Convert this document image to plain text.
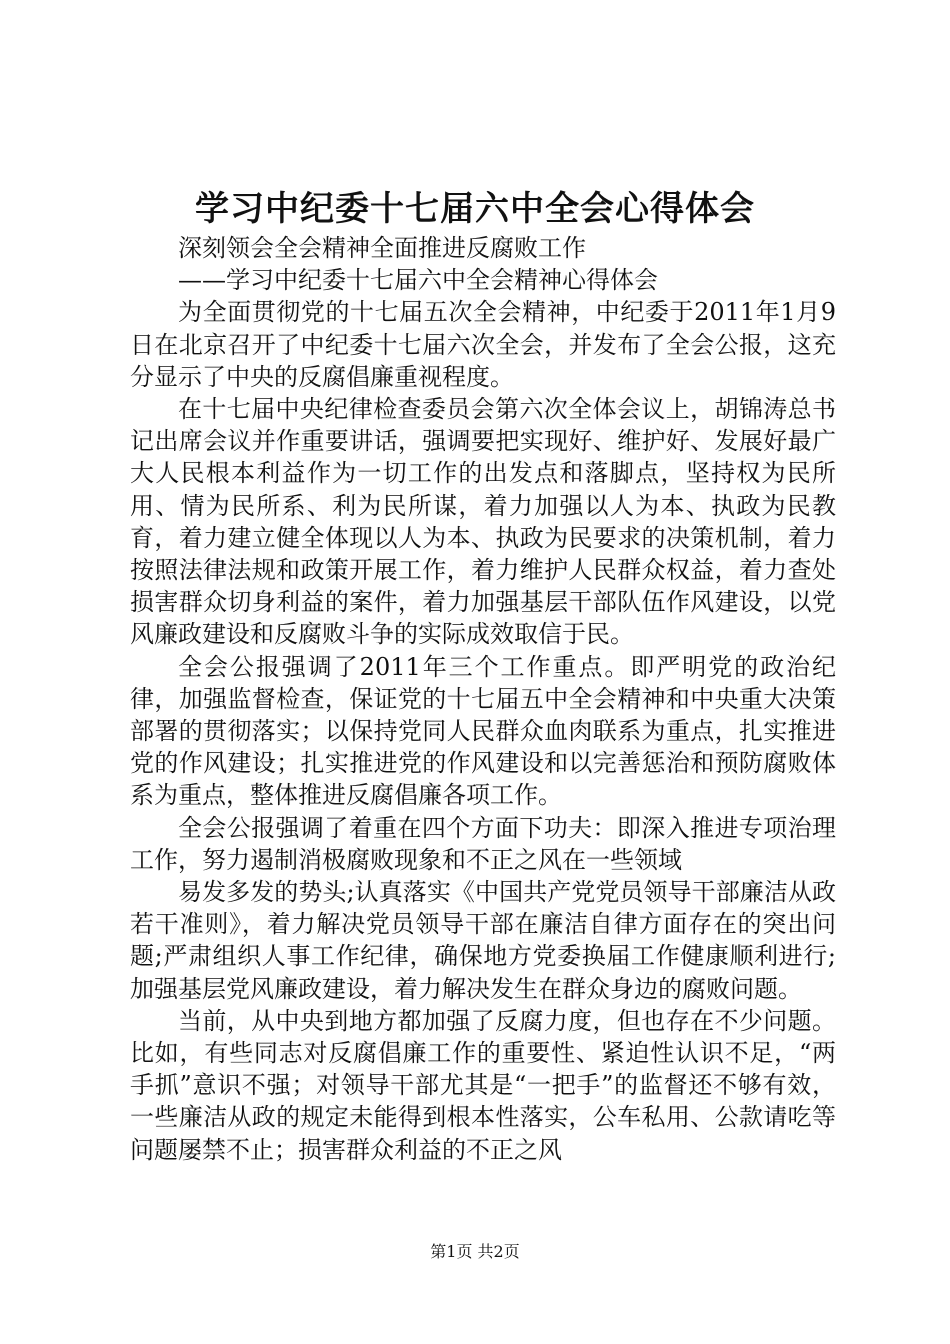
学习中纪委十七届六中全会心得体会

深刻领会全会精神全面推进反腐败工作

——学习中纪委十七届六中全会精神心得体会

为全面贯彻党的十七届五次全会精神，中纪委于2011年1月9日在北京召开了中纪委十七届六次全会，并发布了全会公报，这充分显示了中央的反腐倡廉重视程度。

在十七届中央纪律检查委员会第六次全体会议上，胡锦涛总书记出席会议并作重要讲话，强调要把实现好、维护好、发展好最广大人民根本利益作为一切工作的出发点和落脚点，坚持权为民所用、情为民所系、利为民所谋，着力加强以人为本、执政为民教育，着力建立健全体现以人为本、执政为民要求的决策机制，着力按照法律法规和政策开展工作，着力维护人民群众权益，着力查处损害群众切身利益的案件，着力加强基层干部队伍作风建设，以党风廉政建设和反腐败斗争的实际成效取信于民。

全会公报强调了2011年三个工作重点。即严明党的政治纪律，加强监督检查，保证党的十七届五中全会精神和中央重大决策部署的贯彻落实；以保持党同人民群众血肉联系为重点，扎实推进党的作风建设；扎实推进党的作风建设和以完善惩治和预防腐败体系为重点，整体推进反腐倡廉各项工作。

全会公报强调了着重在四个方面下功夫：即深入推进专项治理工作，努力遏制消极腐败现象和不正之风在一些领域

易发多发的势头;认真落实《中国共产党党员领导干部廉洁从政若干准则》，着力解决党员领导干部在廉洁自律方面存在的突出问题;严肃组织人事工作纪律，确保地方党委换届工作健康顺利进行;加强基层党风廉政建设，着力解决发生在群众身边的腐败问题。

当前，从中央到地方都加强了反腐力度，但也存在不少问题。比如，有些同志对反腐倡廉工作的重要性、紧迫性认识不足，“两手抓”意识不强；对领导干部尤其是“一把手”的监督还不够有效，一些廉洁从政的规定未能得到根本性落实，公车私用、公款请吃等问题屡禁不止；损害群众利益的不正之风

第1页 共2页
